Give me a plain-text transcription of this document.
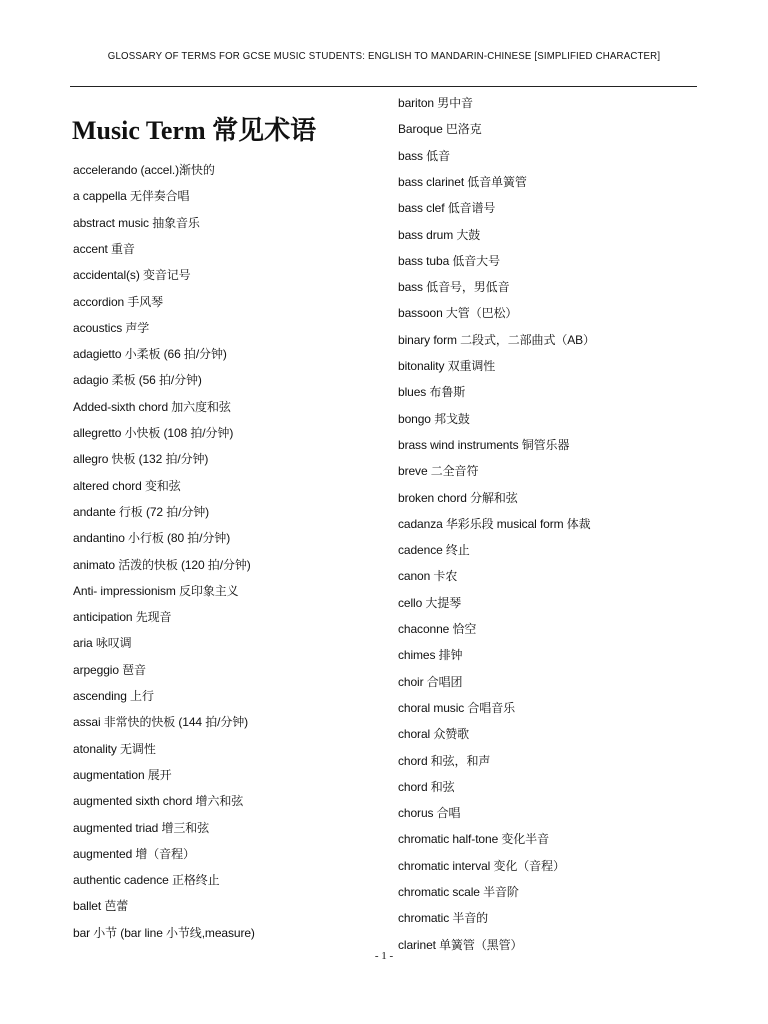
GLOSSARY OF TERMS FOR GCSE MUSIC STUDENTS: ENGLISH TO MANDARIN-CHINESE [SIMPLIFIED CHARACTER]
Music Term 常见术语
accelerando (accel.)渐快的
a cappella 无伴奏合唱
abstract music 抽象音乐
accent 重音
accidental(s) 变音记号
accordion 手风琴
acoustics 声学
adagietto 小柔板 (66 拍/分钟)
adagio 柔板 (56 拍/分钟)
Added-sixth chord 加六度和弦
allegretto 小快板 (108 拍/分钟)
allegro 快板 (132 拍/分钟)
altered chord 变和弦
andante 行板 (72 拍/分钟)
andantino 小行板 (80 拍/分钟)
animato 活泼的快板 (120 拍/分钟)
Anti- impressionism 反印象主义
anticipation 先现音
aria 咏叹调
arpeggio 琶音
ascending 上行
assai 非常快的快板 (144 拍/分钟)
atonality 无调性
augmentation 展开
augmented sixth chord 增六和弦
augmented triad 增三和弦
augmented 增（音程）
authentic cadence 正格终止
ballet 芭蕾
bar 小节 (bar line 小节线,measure)
bariton 男中音
Baroque 巴洛克
bass 低音
bass clarinet 低音单簧管
bass clef 低音谱号
bass drum 大鼓
bass tuba 低音大号
bass 低音号，男低音
bassoon 大管（巴松）
binary form 二段式，二部曲式（AB）
bitonality 双重调性
blues 布鲁斯
bongo 邦戈鼓
brass wind instruments 铜管乐器
breve 二全音符
broken chord 分解和弦
cadanza 华彩乐段 musical form 体裁
cadence 终止
canon 卡农
cello 大提琴
chaconne 恰空
chimes 排钟
choir 合唱团
choral music 合唱音乐
choral 众赞歌
chord 和弦，和声
chord 和弦
chorus 合唱
chromatic half-tone 变化半音
chromatic interval 变化（音程）
chromatic scale 半音阶
chromatic 半音的
clarinet 单簧管（黑管）
- 1 -
